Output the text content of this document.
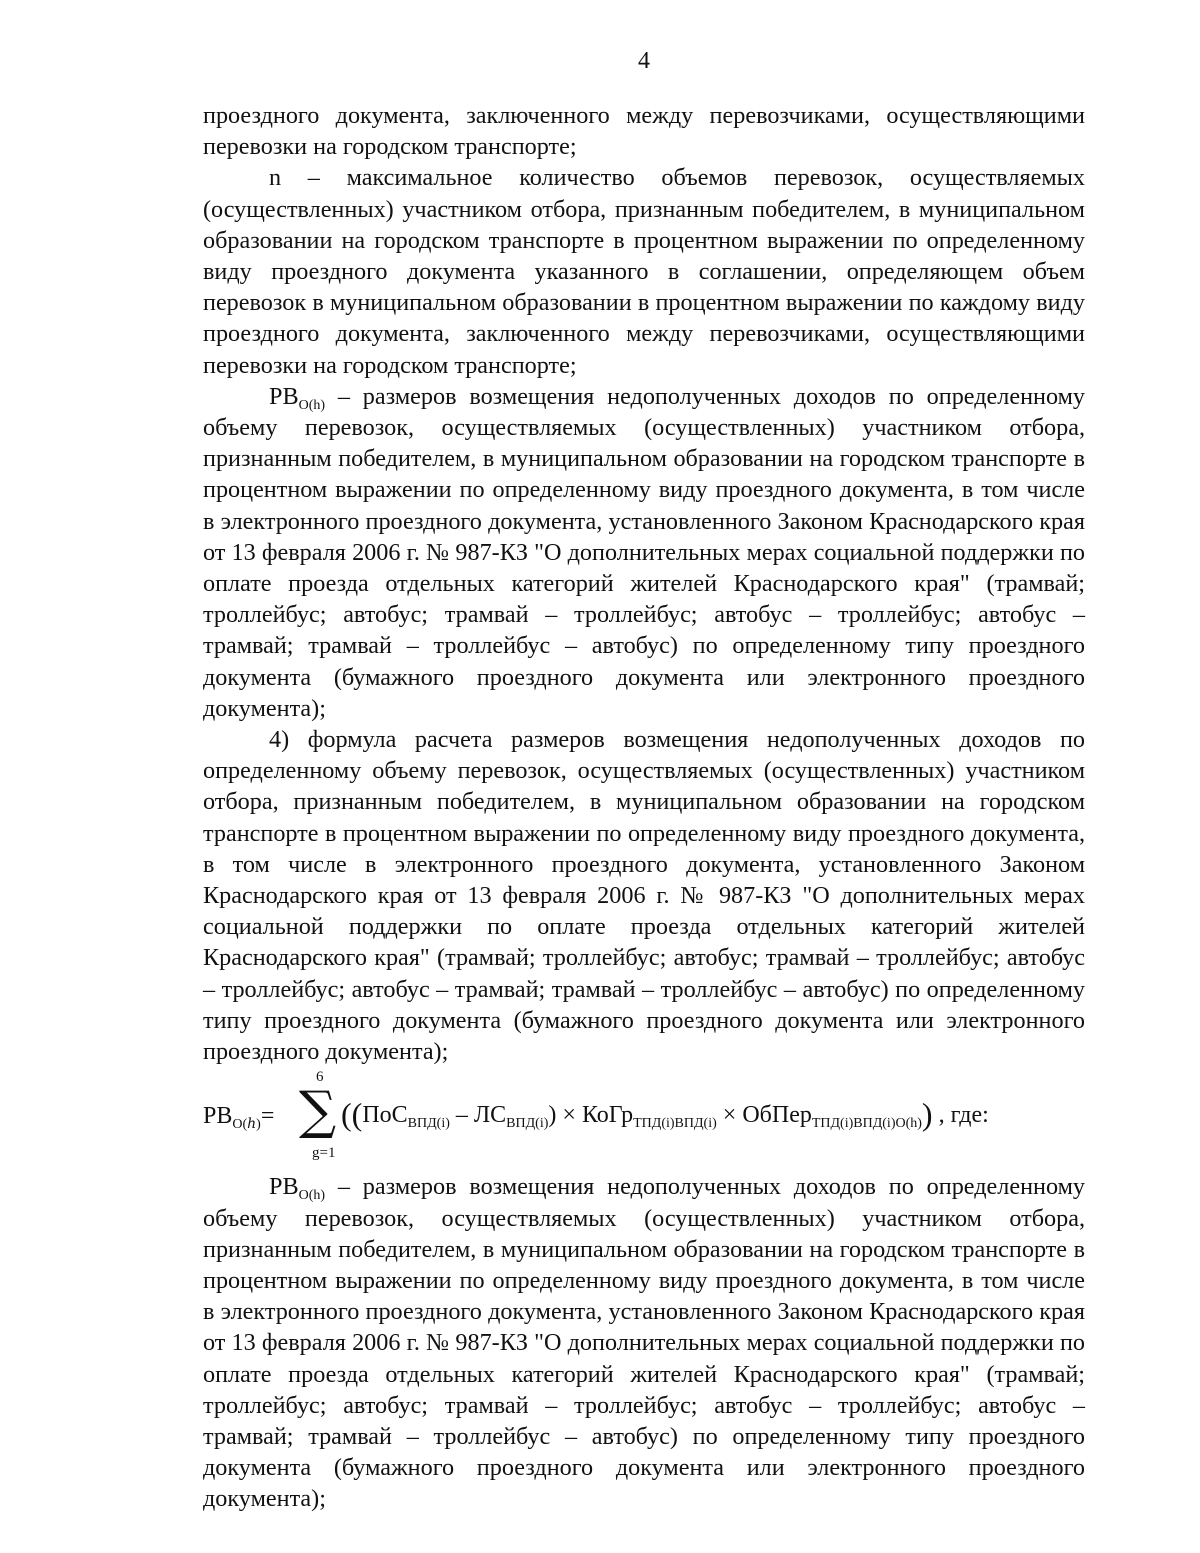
4

проездного документа, заключенного между перевозчиками, осуществляющими перевозки на городском транспорте;

n – максимальное количество объемов перевозок, осуществляемых (осуществленных) участником отбора, признанным победителем, в муниципальном образовании на городском транспорте в процентном выражении по определенному виду проездного документа указанного в соглашении, определяющем объем перевозок в муниципальном образовании в процентном выражении по каждому виду проездного документа, заключенного между перевозчиками, осуществляющими перевозки на городском транспорте;

$РВ_{O(h)}$ – размеров возмещения недополученных доходов по определенному объему перевозок, осуществляемых (осуществленных) участником отбора, признанным победителем, в муниципальном образовании на городском транспорте в процентном выражении по определенному виду проездного документа, в том числе в электронного проездного документа, установленного Законом Краснодарского края от 13 февраля 2006 г. № 987-КЗ "О дополнительных мерах социальной поддержки по оплате проезда отдельных категорий жителей Краснодарского края" (трамвай; троллейбус; автобус; трамвай – троллейбус; автобус – троллейбус; автобус – трамвай; трамвай – троллейбус – автобус) по определенному типу проездного документа (бумажного проездного документа или электронного проездного документа);

4) формула расчета размеров возмещения недополученных доходов по определенному объему перевозок, осуществляемых (осуществленных) участником отбора, признанным победителем, в муниципальном образовании на городском транспорте в процентном выражении по определенному виду проездного документа, в том числе в электронного проездного документа, установленного Законом Краснодарского края от 13 февраля 2006 г. № 987-КЗ "О дополнительных мерах социальной поддержки по оплате проезда отдельных категорий жителей Краснодарского края" (трамвай; троллейбус; автобус; трамвай – троллейбус; автобус – троллейбус; автобус – трамвай; трамвай – троллейбус – автобус) по определенному типу проездного документа (бумажного проездного документа или электронного проездного документа);

$РВ_{O(ℎ)}=$
6
∑
g=1
($(ПоС_{ВПД(i)} - ЛС_{ВПД(i)})$ × КоГр$_{ТПД(i)ВПД(i)}$ × ОбПер$_{ТПД(i)ВПД(i)O(h)}$) , где:

$РВ_{O(h)}$ – размеров возмещения недополученных доходов по определенному объему перевозок, осуществляемых (осуществленных) участником отбора, признанным победителем, в муниципальном образовании на городском транспорте в процентном выражении по определенному виду проездного документа, в том числе в электронного проездного документа, установленного Законом Краснодарского края от 13 февраля 2006 г. № 987-КЗ "О дополнительных мерах социальной поддержки по оплате проезда отдельных категорий жителей Краснодарского края" (трамвай; троллейбус; автобус; трамвай – троллейбус; автобус – троллейбус; автобус – трамвай; трамвай – троллейбус – автобус) по определенному типу проездного документа (бумажного проездного документа или электронного проездного документа);
